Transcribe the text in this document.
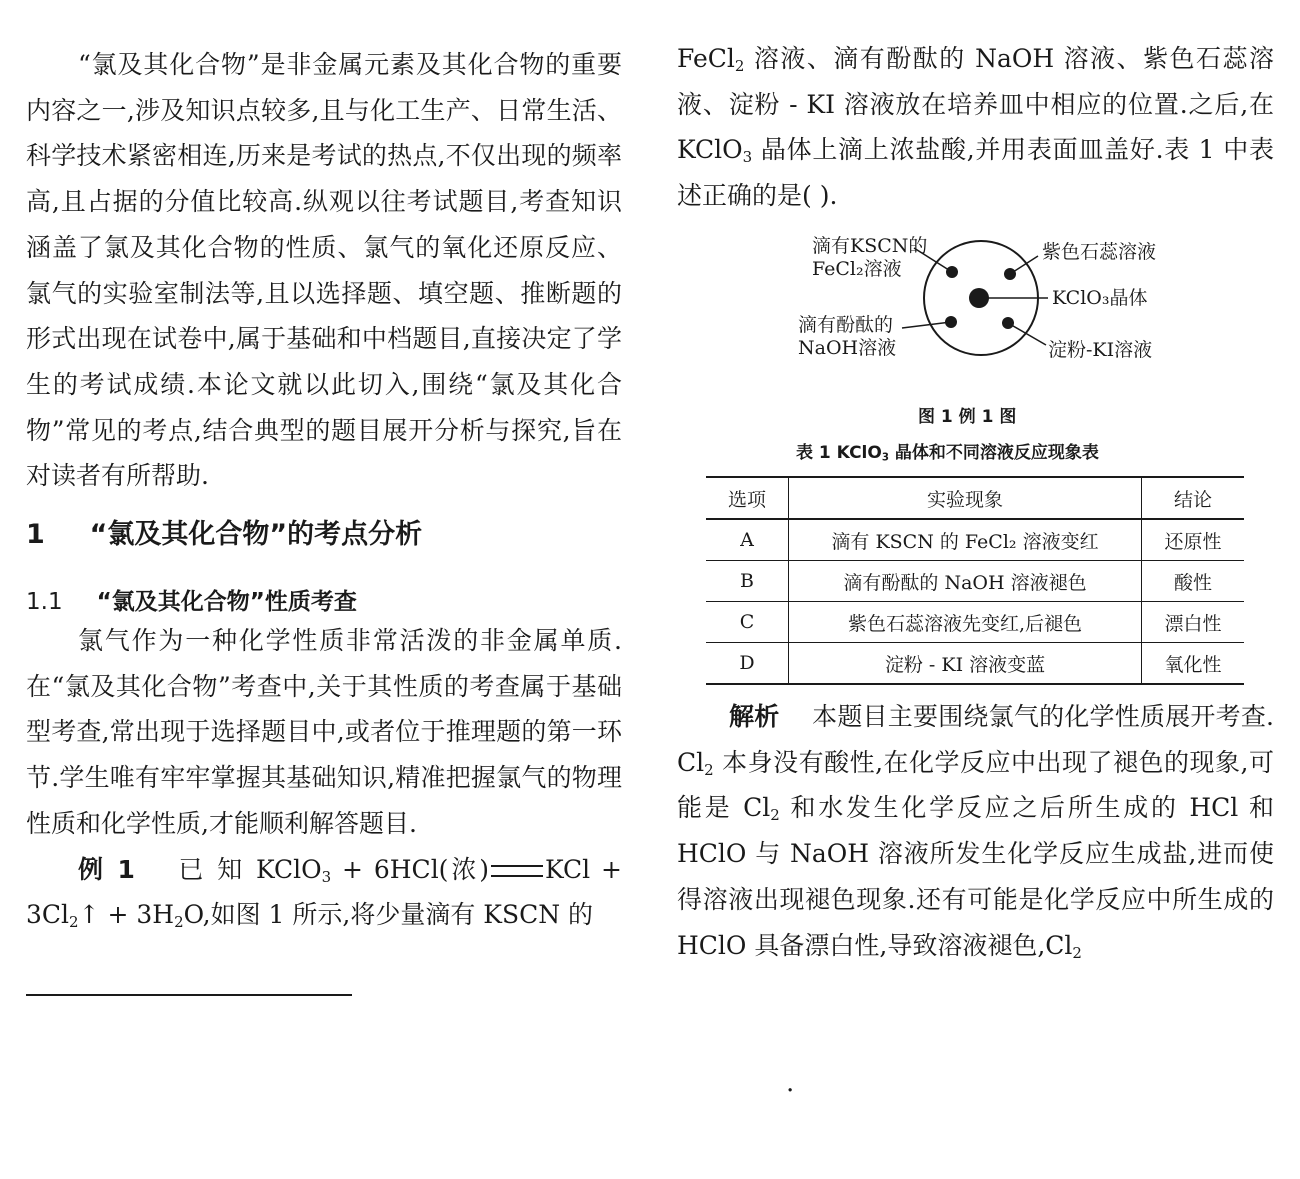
“氯及其化合物”是非金属元素及其化合物的重要内容之一,涉及知识点较多,且与化工生产、日常生活、科学技术紧密相连,历来是考试的热点,不仅出现的频率高,且占据的分值比较高.纵观以往考试题目,考查知识涵盖了氯及其化合物的性质、氯气的氧化还原反应、氯气的实验室制法等,且以选择题、填空题、推断题的形式出现在试卷中,属于基础和中档题目,直接决定了学生的考试成绩.本论文就以此切入,围绕“氯及其化合物”常见的考点,结合典型的题目展开分析与探究,旨在对读者有所帮助.

1 “氯及其化合物”的考点分析
1.1 “氯及其化合物”性质考查

氯气作为一种化学性质非常活泼的非金属单质.在“氯及其化合物”考查中,关于其性质的考查属于基础型考查,常出现于选择题目中,或者位于推理题的第一环节.学生唯有牢牢掌握其基础知识,精准把握氯气的物理性质和化学性质,才能顺利解答题目.

例 1 已 知 KClO$_3$ + 6HCl(浓) KCl + $3Cl_2↑ + 3H_2O$,如图 1 所示,将少量滴有 KSCN 的

FeCl$_2$ 溶液、滴有酚酞的 NaOH 溶液、紫色石蕊溶液、淀粉 - KI 溶液放在培养皿中相应的位置.之后,在 KClO$_3$ 晶体上滴上浓盐酸,并用表面皿盖好.表 1 中表述正确的是( ).

滴有KSCN的
FeCl₂溶液
紫色石蕊溶液
KClO₃晶体
滴有酚酞的
NaOH溶液	淀粉-KI溶液
图 1 例 1 图
表 1 KClO$_3$ 晶体和不同溶液反应现象表
选项	实验现象	结论
A	滴有 KSCN 的 FeCl₂ 溶液变红	还原性
B	滴有酚酞的 NaOH 溶液褪色	酸性
C	紫色石蕊溶液先变红,后褪色	漂白性
D	淀粉 - KI 溶液变蓝	氧化性

解析 本题目主要围绕氯气的化学性质展开考查. $Cl_2$ 本身没有酸性,在化学反应中出现了褪色的现象,可能是 $Cl_2$ 和水发生化学反应之后所生成的 HCl 和 HClO 与 NaOH 溶液所发生化学反应生成盐,进而使得溶液出现褪色现象.还有可能是化学反应中所生成的 HClO 具备漂白性,导致溶液褪色$,Cl_2$

.
